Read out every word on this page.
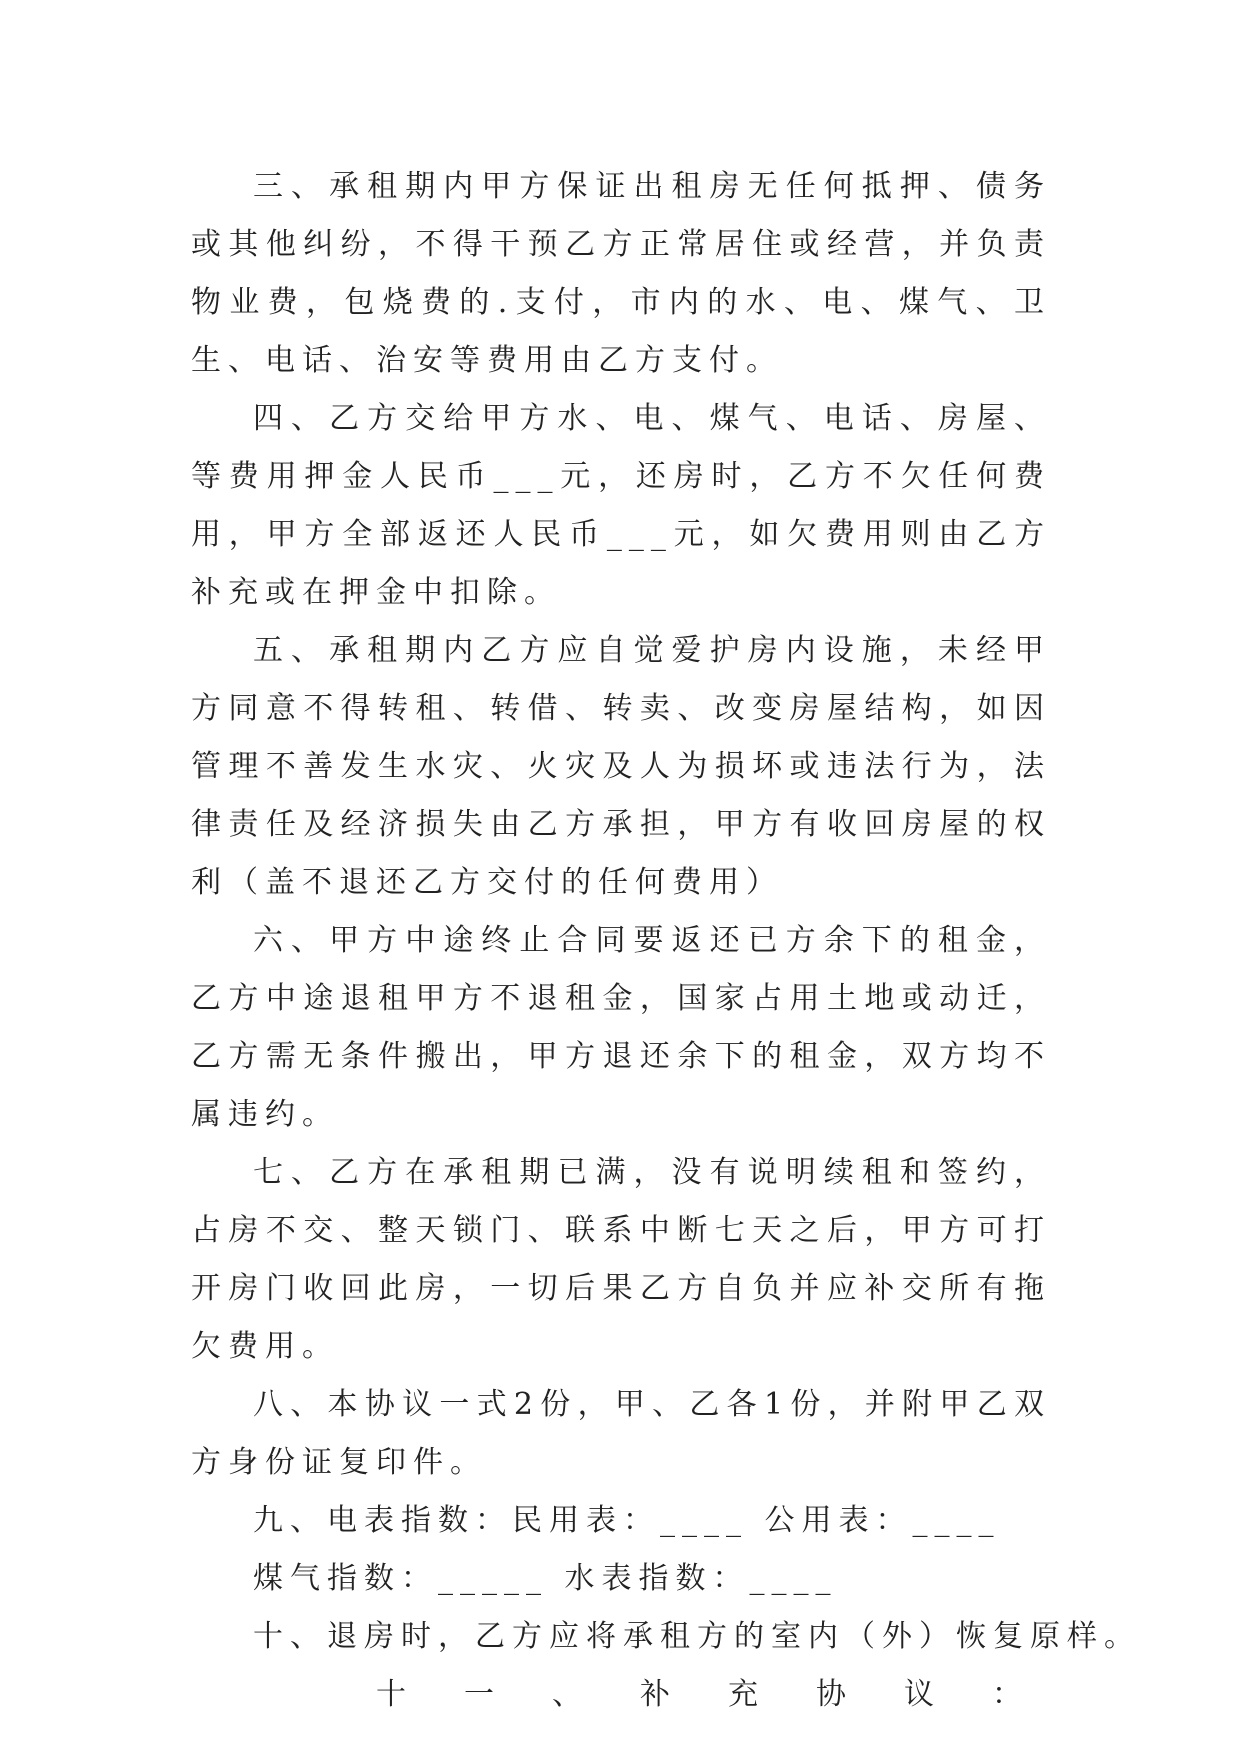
三、承租期内甲方保证出租房无任何抵押、债务或其他纠纷，不得干预乙方正常居住或经营，并负责物业费，包烧费的.支付，市内的水、电、煤气、卫生、电话、治安等费用由乙方支付。

四、乙方交给甲方水、电、煤气、电话、房屋、等费用押金人民币___元，还房时，乙方不欠任何费用，甲方全部返还人民币___元，如欠费用则由乙方补充或在押金中扣除。

五、承租期内乙方应自觉爱护房内设施，未经甲方同意不得转租、转借、转卖、改变房屋结构，如因管理不善发生水灾、火灾及人为损坏或违法行为，法律责任及经济损失由乙方承担，甲方有收回房屋的权利（盖不退还乙方交付的任何费用）

六、甲方中途终止合同要返还已方余下的租金，乙方中途退租甲方不退租金，国家占用土地或动迁，乙方需无条件搬出，甲方退还余下的租金，双方均不属违约。

七、乙方在承租期已满，没有说明续租和签约，占房不交、整天锁门、联系中断七天之后，甲方可打开房门收回此房，一切后果乙方自负并应补交所有拖欠费用。

八、本协议一式2份，甲、乙各1份，并附甲乙双方身份证复印件。

九、电表指数：民用表：____ 公用表：____

煤气指数：_____ 水表指数：____

十、退房时，乙方应将承租方的室内（外）恢复原样。

十一、补充协议：
